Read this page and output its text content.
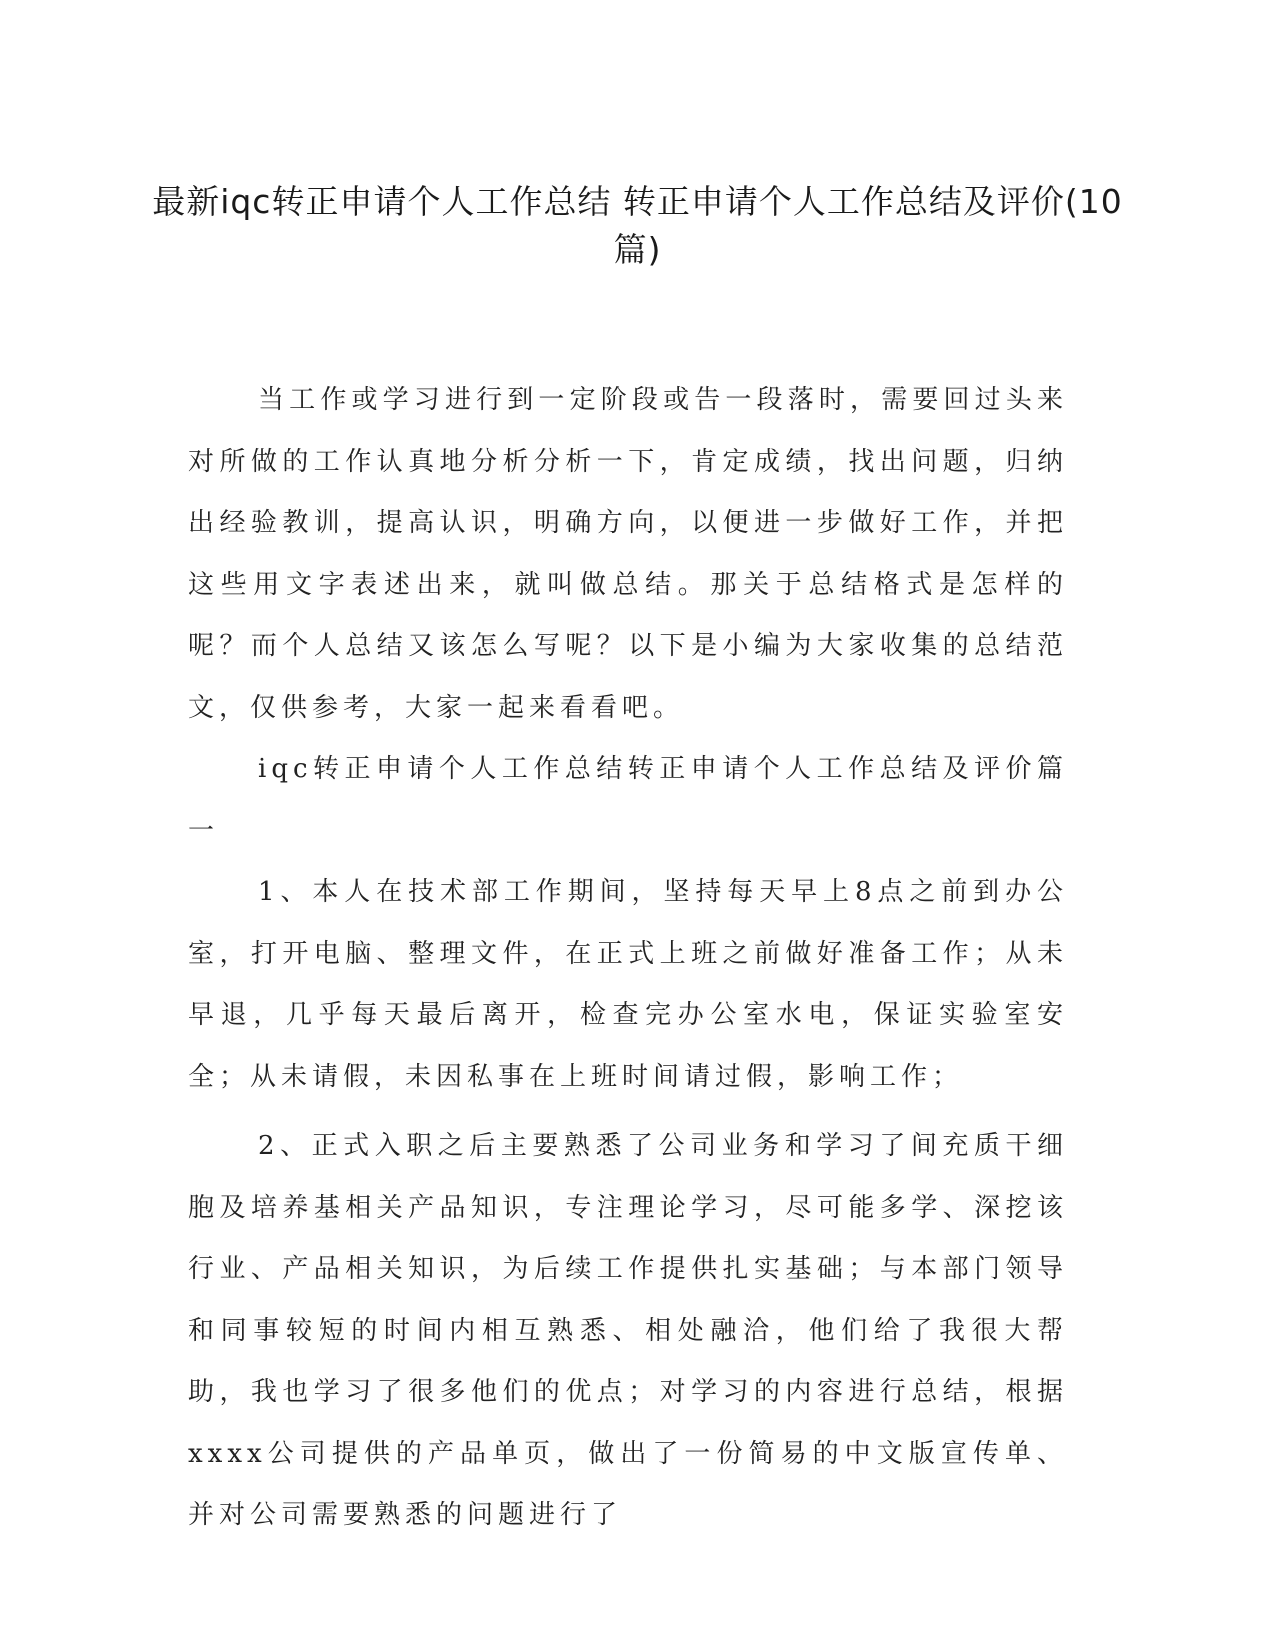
最新iqc转正申请个人工作总结 转正申请个人工作总结及评价(10篇)

当工作或学习进行到一定阶段或告一段落时，需要回过头来对所做的工作认真地分析分析一下，肯定成绩，找出问题，归纳出经验教训，提高认识，明确方向，以便进一步做好工作，并把这些用文字表述出来，就叫做总结。那关于总结格式是怎样的呢？而个人总结又该怎么写呢？以下是小编为大家收集的总结范文，仅供参考，大家一起来看看吧。

iqc转正申请个人工作总结转正申请个人工作总结及评价篇一

1、本人在技术部工作期间，坚持每天早上8点之前到办公室，打开电脑、整理文件，在正式上班之前做好准备工作；从未早退，几乎每天最后离开，检查完办公室水电，保证实验室安全；从未请假，未因私事在上班时间请过假，影响工作；

2、正式入职之后主要熟悉了公司业务和学习了间充质干细胞及培养基相关产品知识，专注理论学习，尽可能多学、深挖该行业、产品相关知识，为后续工作提供扎实基础；与本部门领导和同事较短的时间内相互熟悉、相处融洽，他们给了我很大帮助，我也学习了很多他们的优点；对学习的内容进行总结，根据xxxx公司提供的产品单页，做出了一份简易的中文版宣传单、并对公司需要熟悉的问题进行了
